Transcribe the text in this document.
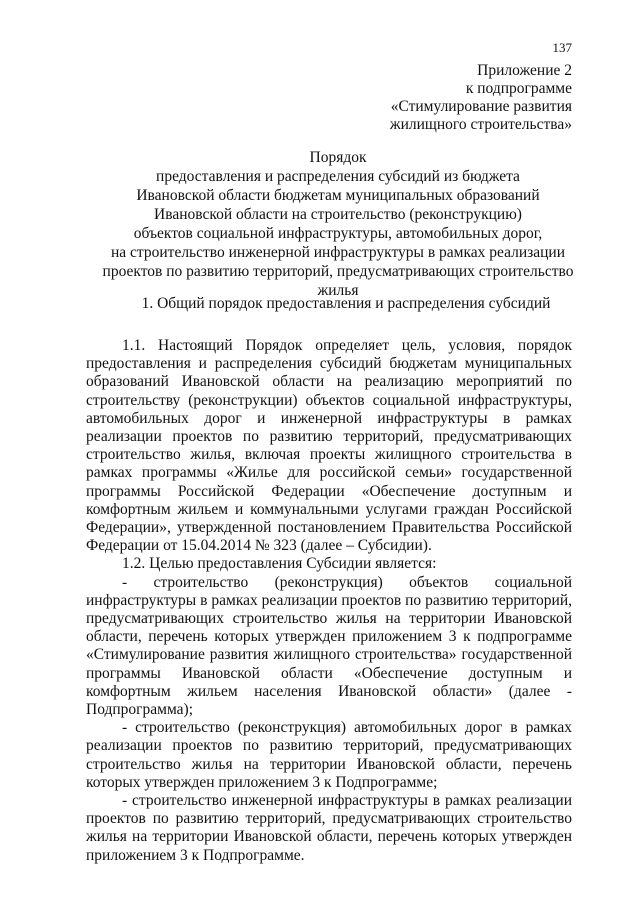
137
Приложение 2
к подпрограмме
«Стимулирование развития
жилищного строительства»
Порядок
предоставления и распределения субсидий из бюджета
Ивановской области бюджетам муниципальных образований
Ивановской области на строительство (реконструкцию)
объектов социальной инфраструктуры, автомобильных дорог,
на строительство инженерной инфраструктуры в рамках реализации
проектов по развитию территорий, предусматривающих строительство
жилья
1. Общий порядок предоставления и распределения субсидий

1.1. Настоящий Порядок определяет цель, условия, порядок предоставления и распределения субсидий бюджетам муниципальных образований Ивановской области на реализацию мероприятий по строительству (реконструкции) объектов социальной инфраструктуры, автомобильных дорог и инженерной инфраструктуры в рамках реализации проектов по развитию территорий, предусматривающих строительство жилья, включая проекты жилищного строительства в рамках программы «Жилье для российской семьи» государственной программы Российской Федерации «Обеспечение доступным и комфортным жильем и коммунальными услугами граждан Российской Федерации», утвержденной постановлением Правительства Российской Федерации от 15.04.2014 № 323 (далее – Субсидии).

1.2. Целью предоставления Субсидии является:

- строительство (реконструкция) объектов социальной инфраструктуры в рамках реализации проектов по развитию территорий, предусматривающих строительство жилья на территории Ивановской области, перечень которых утвержден приложением 3 к подпрограмме «Стимулирование развития жилищного строительства» государственной программы Ивановской области «Обеспечение доступным и комфортным жильем населения Ивановской области» (далее - Подпрограмма);

- строительство (реконструкция) автомобильных дорог в рамках реализации проектов по развитию территорий, предусматривающих строительство жилья на территории Ивановской области, перечень которых утвержден приложением 3 к Подпрограмме;

- строительство инженерной инфраструктуры в рамках реализации проектов по развитию территорий, предусматривающих строительство жилья на территории Ивановской области, перечень которых утвержден приложением 3 к Подпрограмме.
